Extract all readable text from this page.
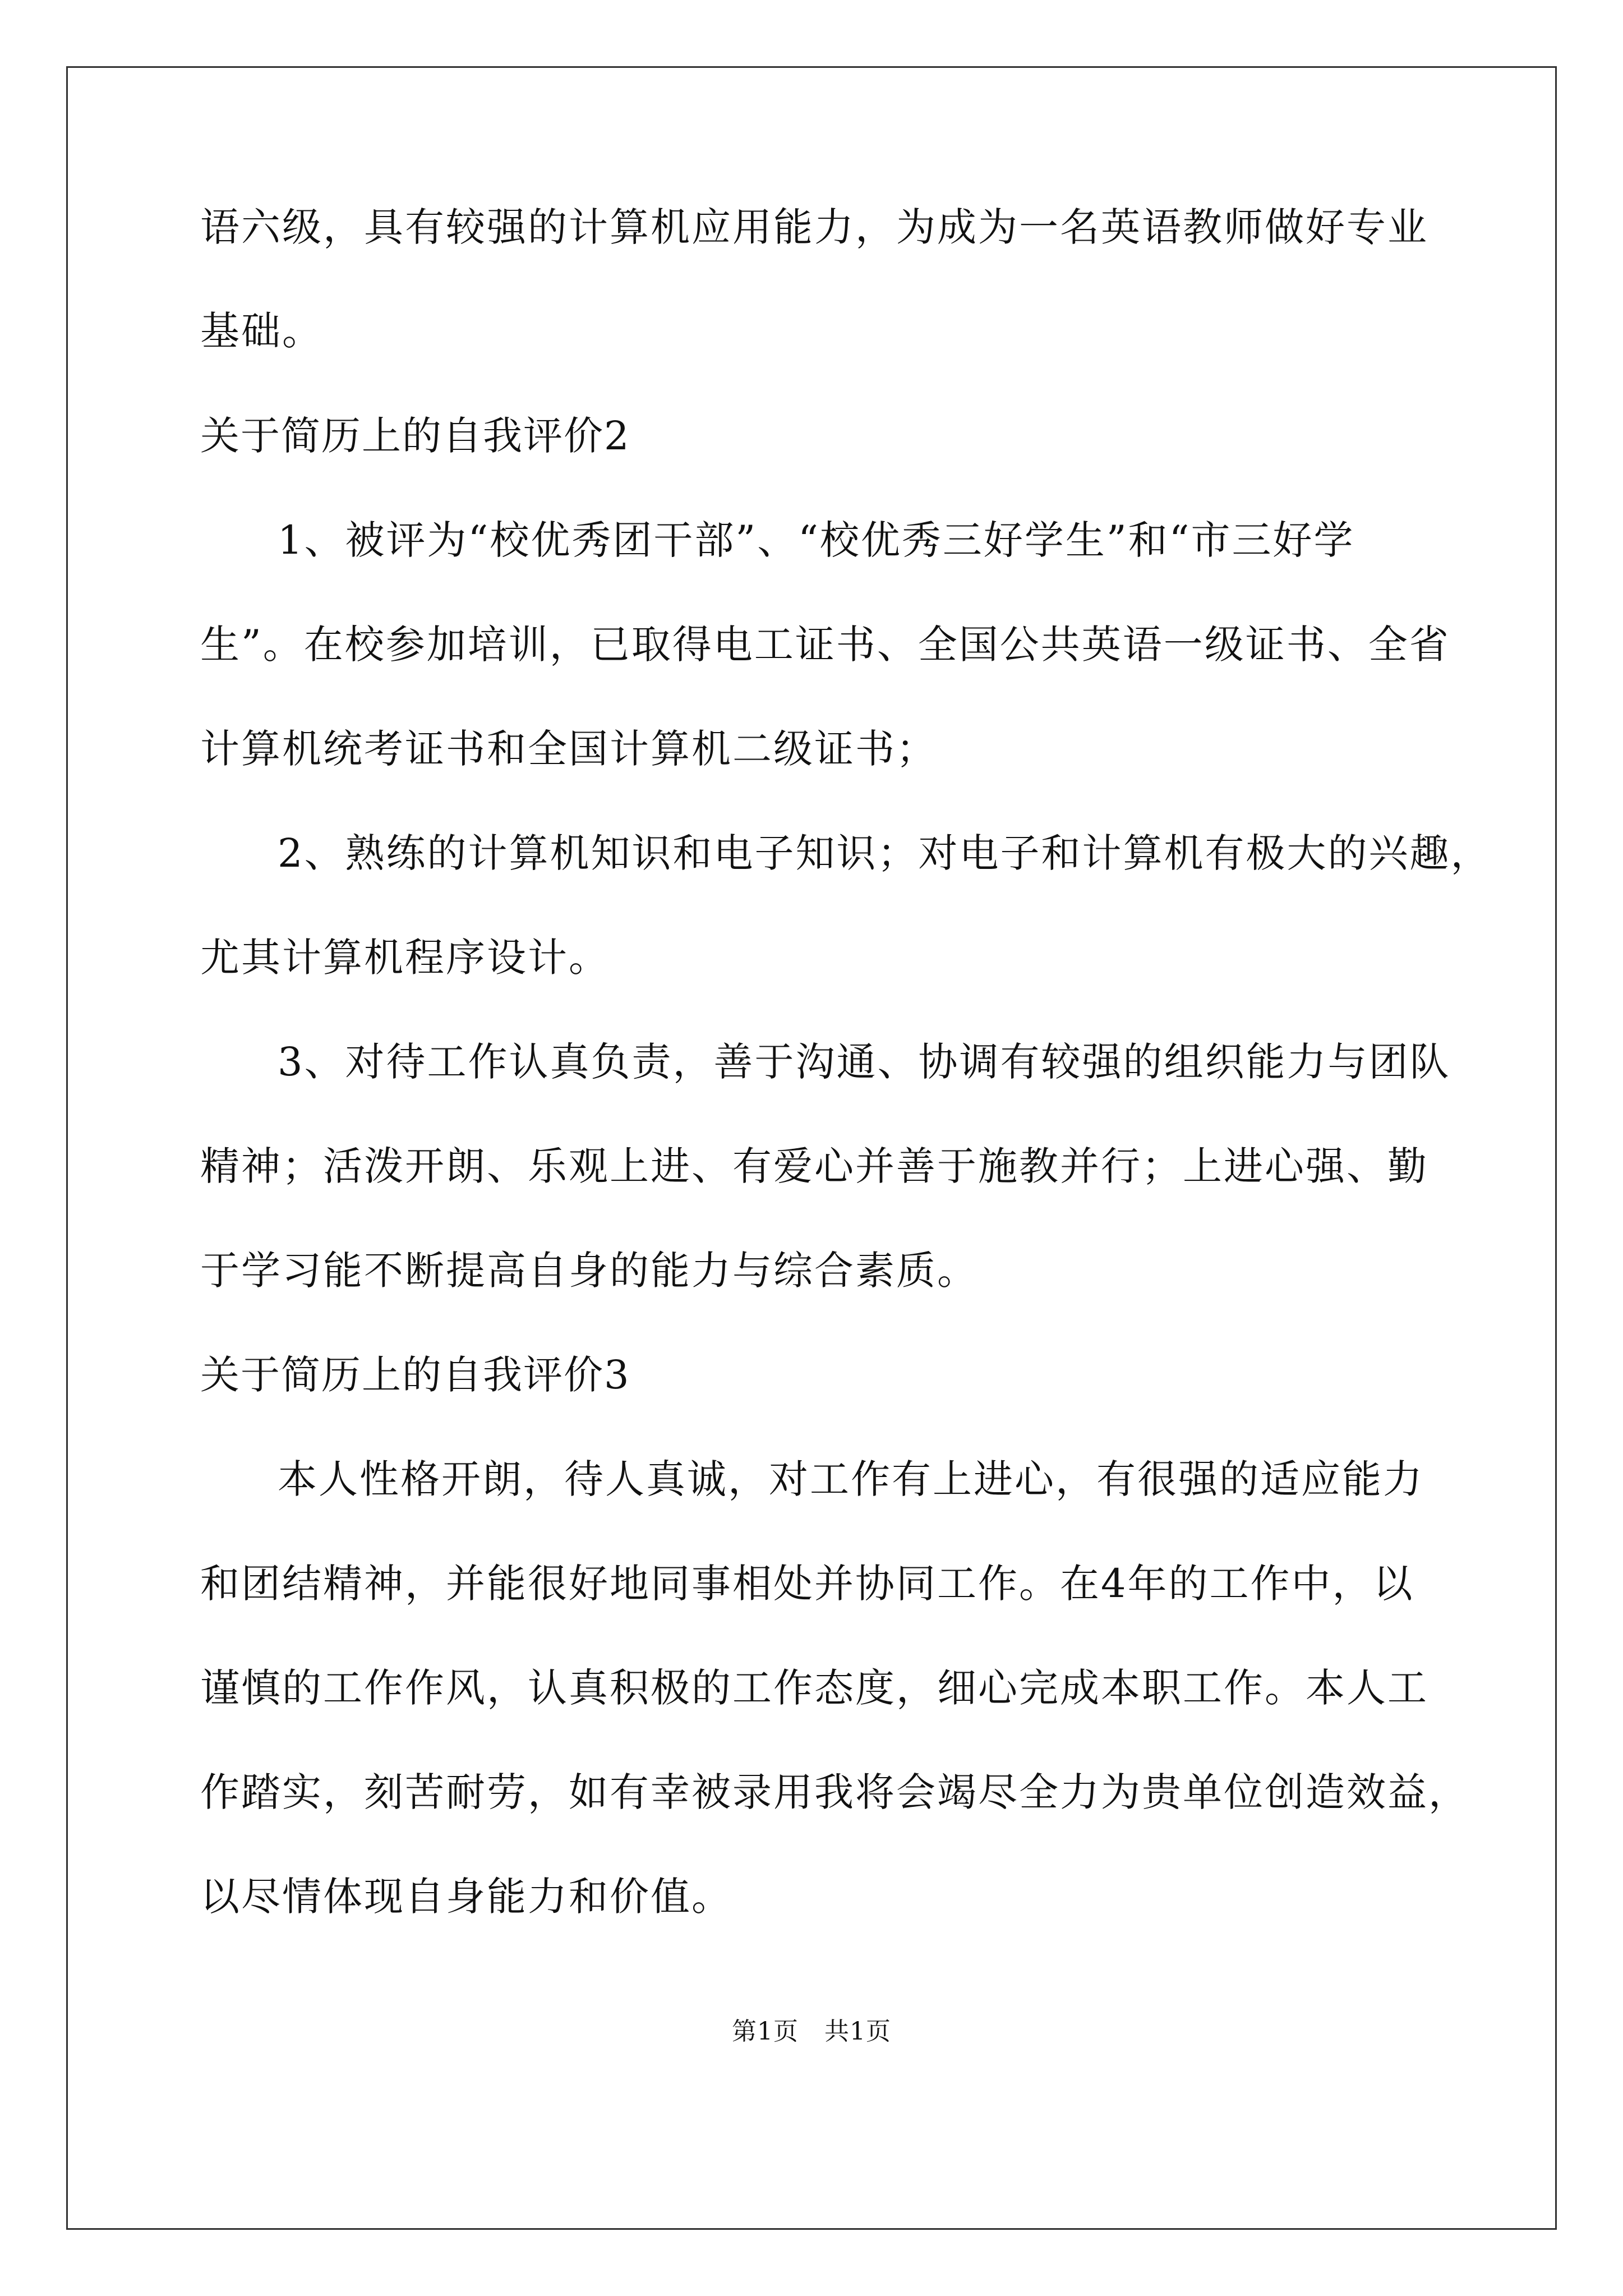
语六级，具有较强的计算机应用能力，为成为一名英语教师做好专业
基础。
关于简历上的自我评价2
1、被评为“校优秀团干部”、“校优秀三好学生”和“市三好学
生”。在校参加培训，已取得电工证书、全国公共英语一级证书、全省
计算机统考证书和全国计算机二级证书；
2、熟练的计算机知识和电子知识；对电子和计算机有极大的兴趣，
尤其计算机程序设计。
3、对待工作认真负责，善于沟通、协调有较强的组织能力与团队
精神；活泼开朗、乐观上进、有爱心并善于施教并行；上进心强、勤
于学习能不断提高自身的能力与综合素质。
关于简历上的自我评价3
本人性格开朗，待人真诚，对工作有上进心，有很强的适应能力
和团结精神，并能很好地同事相处并协同工作。在4年的工作中，以
谨慎的工作作风，认真积极的工作态度，细心完成本职工作。本人工
作踏实，刻苦耐劳，如有幸被录用我将会竭尽全力为贵单位创造效益，
以尽情体现自身能力和价值。
第1页 共1页
